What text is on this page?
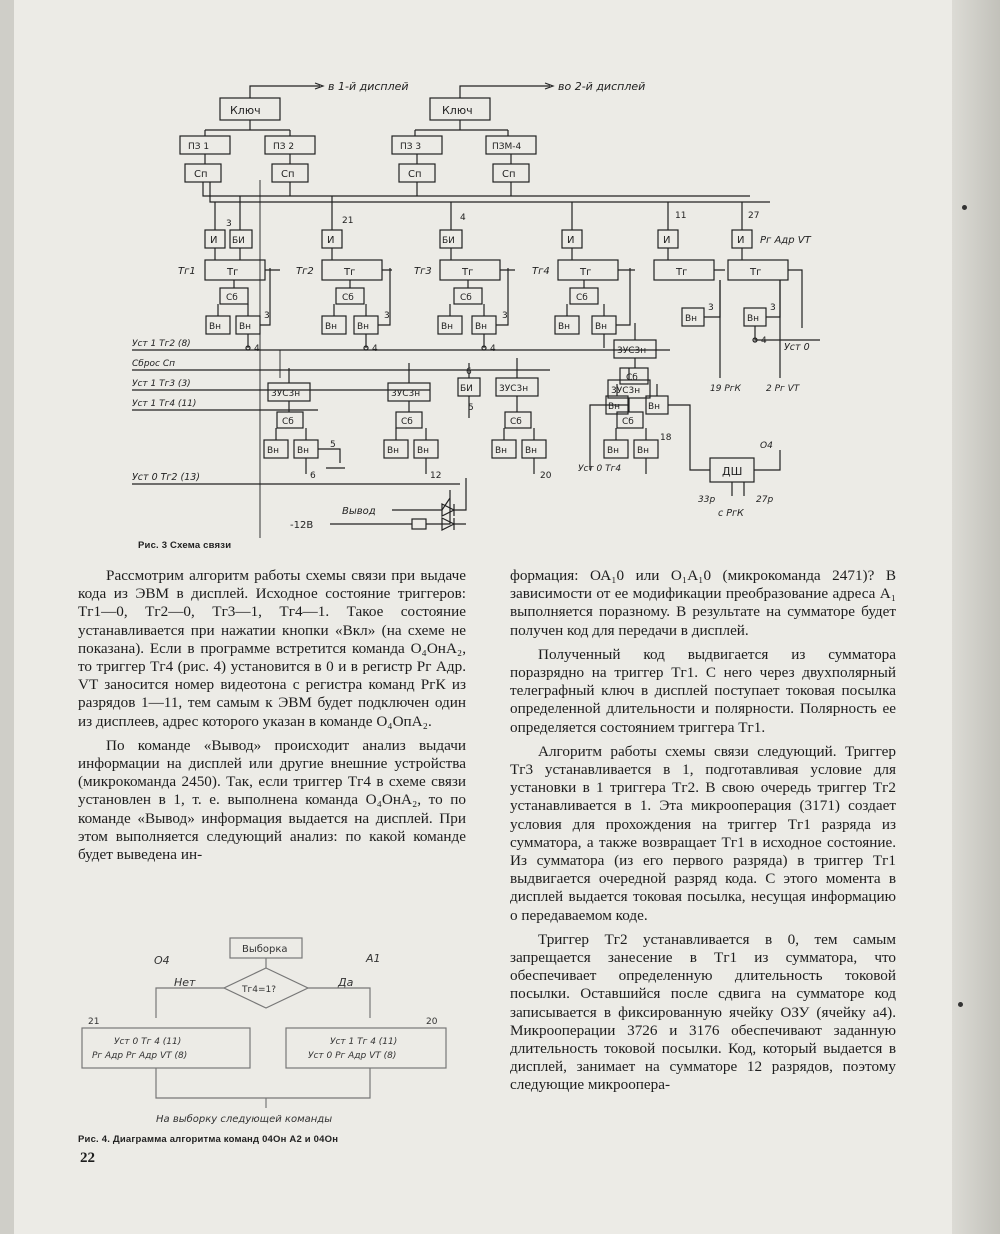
Ключ	Ключ
в 1-й дисплей	во 2-й дисплей
ПЗ 1	ПЗ 2	ПЗ 3	ПЗМ-4
Сп	Сп	Сп	Сп
И БИ	И	БИ	И	И	И Рг Адр VT
3	21	4	11	27
Тг	Тг	Тг	Тг	Тг	Тг
Тг1	Тг2	Тг3	Тг4
Сб
Вн Вн
Сб
Вн Вн
Сб
Вн Вн
Сб
Вн	Вн
Вн	Вн
3	3	3
3	3
4	4	4
4
Уст 0
Уст 1 Тг2 (8)
Сброс Сп
Уст 1 Тг3 (3)
Уст 1 Тг4 (11)
3УС3н	3УС3н	3УС3н	3УС3н
БИ
6
5
Сб	Сб	Сб	Сб
Вн Вн	Вн Вн	Вн Вн	Вн Вн
5
6	12	20
18
Уст 0 Тг2 (13)
3УС3н
Сб
Вн	Вн
Уст 0 Тг4	ДШ
О4
33р	27р
с РгК
19 РгК	2 Рг VT
Вывод
-12В
Рис. 3 Схема связи

Рассмотрим алгоритм работы схемы связи при выдаче кода из ЭВМ в дисплей. Исходное состояние триггеров: Тг1—0, Тг2—0, Тг3—1, Тг4—1. Такое состояние устанавливается при нажатии кнопки «Вкл» (на схеме не показана). Если в программе встретится команда О₄ОнА₂, то триггер Тг4 (рис. 4) установится в 0 и в регистр Рг Адр. VT заносится номер видеотона с регистра команд РгК из разрядов 1—11, тем самым к ЭВМ будет подключен один из дисплеев, адрес которого указан в команде О₄ОпА₂.

По команде «Вывод» происходит анализ выдачи информации на дисплей или другие внешние устройства (микрокоманда 2450). Так, если триггер Тг4 в схеме связи установлен в 1, т. е. выполнена команда О₄ОнА₂, то по команде «Вывод» информация выдается на дисплей. При этом выполняется следующий анализ: по какой команде будет выведена ин-

Выборка
Тг4=1?
О4	А1
Нет	Да
21	20
Уст 0 Тг 4 (11)
Рг Адр Рг Адр VT (8)
Уст 1 Тг 4 (11)
Уст 0 Рг Адр VT (8)
На выборку следующей команды
Рис. 4. Диаграмма алгоритма команд 04Он А2 и 04Он
22

формация: ОА₁0 или О₁А₁0 (микрокоманда 2471)? В зависимости от ее модификации преобразование адреса А₁ выполняется поразному. В результате на сумматоре будет получен код для передачи в дисплей.

Полученный код выдвигается из сумматора поразрядно на триггер Тг1. С него через двухполярный телеграфный ключ в дисплей поступает токовая посылка определенной длительности и полярности. Полярность ее определяется состоянием триггера Тг1.

Алгоритм работы схемы связи следующий. Триггер Тг3 устанавливается в 1, подготавливая условие для установки в 1 триггера Тг2. В свою очередь триггер Тг2 устанавливается в 1. Эта микрооперация (3171) создает условия для прохождения на триггер Тг1 разряда из сумматора, а также возвращает Тг1 в исходное состояние. Из сумматора (из его первого разряда) в триггер Тг1 выдвигается очередной разряд кода. С этого момента в дисплей выдается токовая посылка, несущая информацию о передаваемом коде.

Триггер Тг2 устанавливается в 0, тем самым запрещается занесение в Тг1 из сумматора, что обеспечивает определенную длительность токовой посылки. Оставшийся после сдвига на сумматоре код записывается в фиксированную ячейку ОЗУ (ячейку а4). Микрооперации 3726 и 3176 обеспечивают заданную длительность токовой посылки. Код, который выдается в дисплей, занимает на сумматоре 12 разрядов, поэтому следующие микроопера-
